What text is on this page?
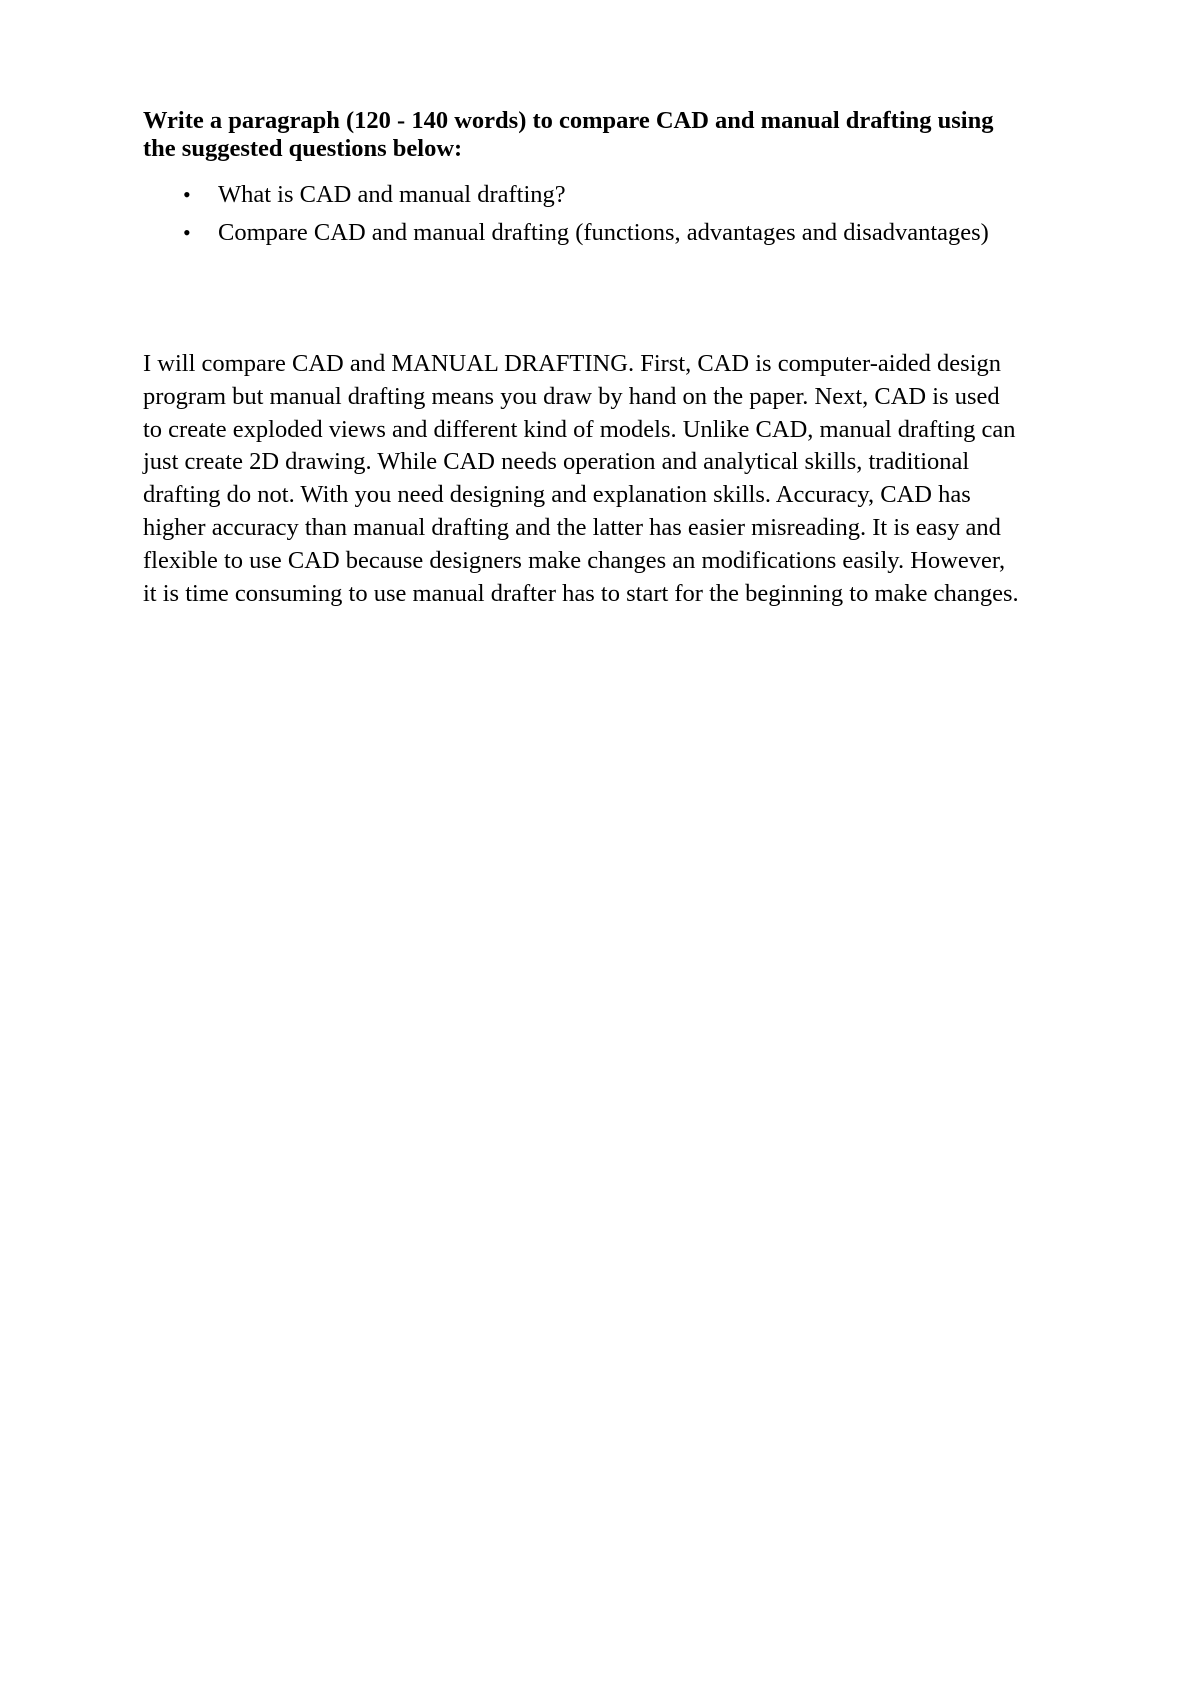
Write a paragraph (120 - 140 words) to compare CAD and manual drafting using
the suggested questions below:

• What is CAD and manual drafting?
• Compare CAD and manual drafting (functions, advantages and disadvantages)

I will compare CAD and MANUAL DRAFTING. First, CAD is computer-aided design
program but manual drafting means you draw by hand on the paper. Next, CAD is used
to create exploded views and different kind of models. Unlike CAD, manual drafting can
just create 2D drawing. While CAD needs operation and analytical skills, traditional
drafting do not. With you need designing and explanation skills. Accuracy, CAD has
higher accuracy than manual drafting and the latter has easier misreading. It is easy and
flexible to use CAD because designers make changes an modifications easily. However,
it is time consuming to use manual drafter has to start for the beginning to make changes.
